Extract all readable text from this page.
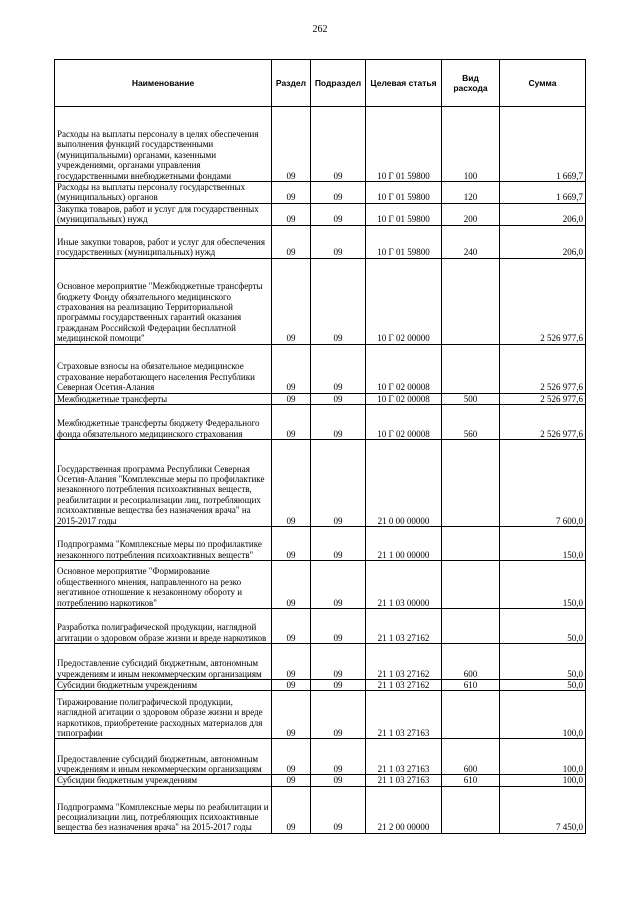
262
Наименование	Раздел	Подраздел	Целевая статья	Вид расхода	Сумма
Расходы на выплаты персоналу в целях обеспечения выполнения функций государственными (муниципальными) органами, казенными учреждениями, органами управления государственными внебюджетными фондами	09	09	10 Г 01 59800	100	1 669,7
Расходы на выплаты персоналу государственных (муниципальных) органов	09	09	10 Г 01 59800	120	1 669,7
Закупка товаров, работ и услуг для государственных (муниципальных) нужд	09	09	10 Г 01 59800	200	206,0
Иные закупки товаров, работ и услуг для обеспечения государственных (муниципальных) нужд	09	09	10 Г 01 59800	240	206,0
Основное мероприятие "Межбюджетные трансферты бюджету Фонду обязательного медицинского страхования на реализацию Территориальной программы государственных гарантий оказания гражданам Российской Федерации бесплатной медицинской помощи"	09	09	10 Г 02 00000		2 526 977,6
Страховые взносы на обязательное медицинское страхование неработающего населения Республики Северная Осетия-Алания	09	09	10 Г 02 00008		2 526 977,6
Межбюджетные трансферты	09	09	10 Г 02 00008	500	2 526 977,6
Межбюджетные трансферты бюджету Федерального фонда обязательного медицинского страхования	09	09	10 Г 02 00008	560	2 526 977,6
Государственная программа Республики Северная Осетия-Алания "Комплексные меры по профилактике незаконного потребления психоактивных веществ, реабилитации и ресоциализации лиц, потребляющих психоактивные вещества без назначения врача" на 2015-2017 годы	09	09	21 0 00 00000		7 600,0
Подпрограмма "Комплексные меры по профилактике незаконного потребления психоактивных веществ"	09	09	21 1 00 00000		150,0
Основное мероприятие "Формирование общественного мнения, направленного на резко негативное отношение к незаконному обороту и потреблению наркотиков"	09	09	21 1 03 00000		150,0
Разработка полиграфической продукции, наглядной агитации о здоровом образе жизни и вреде наркотиков	09	09	21 1 03 27162		50,0
Предоставление субсидий бюджетным, автономным учреждениям и иным некоммерческим организациям	09	09	21 1 03 27162	600	50,0
Субсидии бюджетным учреждениям	09	09	21 1 03 27162	610	50,0
Тиражирование полиграфической продукции, наглядной агитации о здоровом образе жизни и вреде наркотиков, приобретение расходных материалов для типографии	09	09	21 1 03 27163		100,0
Предоставление субсидий бюджетным, автономным учреждениям и иным некоммерческим организациям	09	09	21 1 03 27163	600	100,0
Субсидии бюджетным учреждениям	09	09	21 1 03 27163	610	100,0
Подпрограмма "Комплексные меры по реабилитации и ресоциализации лиц, потребляющих психоактивные вещества без назначения врача" на 2015-2017 годы	09	09	21 2 00 00000		7 450,0
